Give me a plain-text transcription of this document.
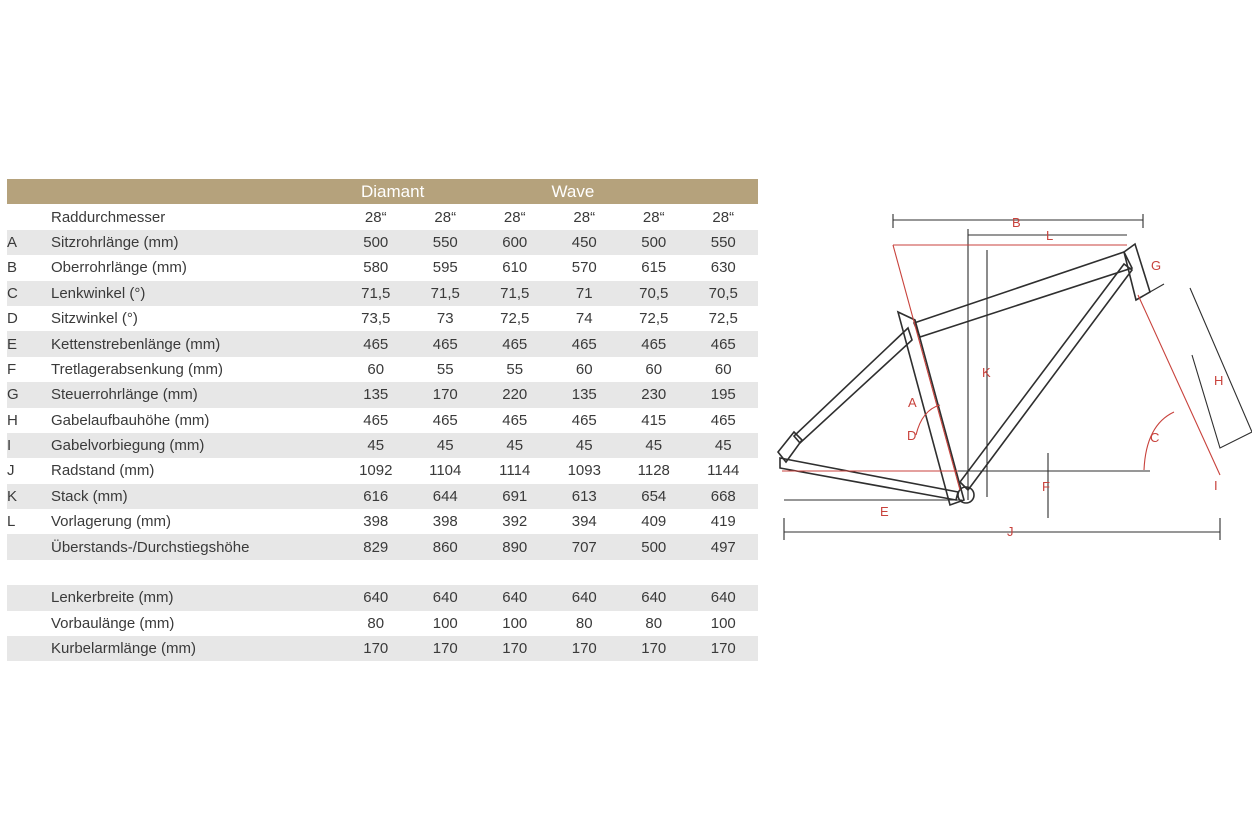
		Diamant			Wave		
	Raddurchmesser	28“	28“	28“	28“	28“	28“
A	Sitzrohrlänge (mm)	500	550	600	450	500	550
B	Oberrohrlänge (mm)	580	595	610	570	615	630
C	Lenkwinkel (°)	71,5	71,5	71,5	71	70,5	70,5
D	Sitzwinkel (°)	73,5	73	72,5	74	72,5	72,5
E	Kettenstrebenlänge (mm)	465	465	465	465	465	465
F	Tretlagerabsenkung (mm)	60	55	55	60	60	60
G	Steuerrohrlänge (mm)	135	170	220	135	230	195
H	Gabelaufbauhöhe (mm)	465	465	465	465	415	465
I	Gabelvorbiegung (mm)	45	45	45	45	45	45
J	Radstand (mm)	1092	1104	1114	1093	1128	1144
K	Stack (mm)	616	644	691	613	654	668
L	Vorlagerung (mm)	398	398	392	394	409	419
	Überstands-/Durchstiegshöhe	829	860	890	707	500	497

	Lenkerbreite (mm)	640	640	640	640	640	640
	Vorbaulänge (mm)	80	100	100	80	80	100
	Kurbelarmlänge (mm)	170	170	170	170	170	170
B
L
G
K
H
A
D	C
F	I
E
J
